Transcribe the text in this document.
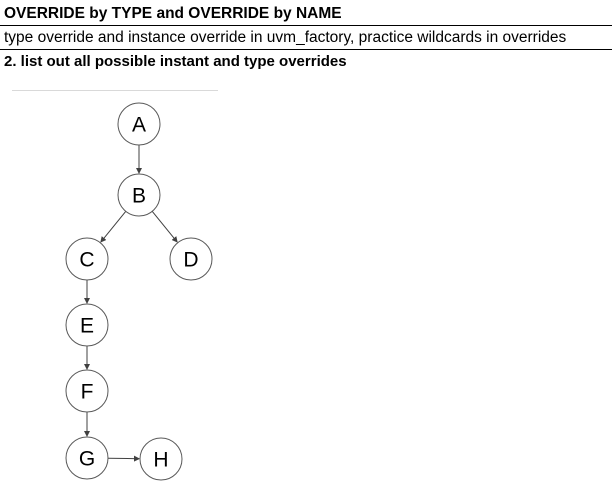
OVERRIDE by TYPE and OVERRIDE by NAME
type override and instance override in uvm_factory, practice wildcards in overrides
2. list out all possible instant and type overrides
A
B
C	D
E
F
G	H
